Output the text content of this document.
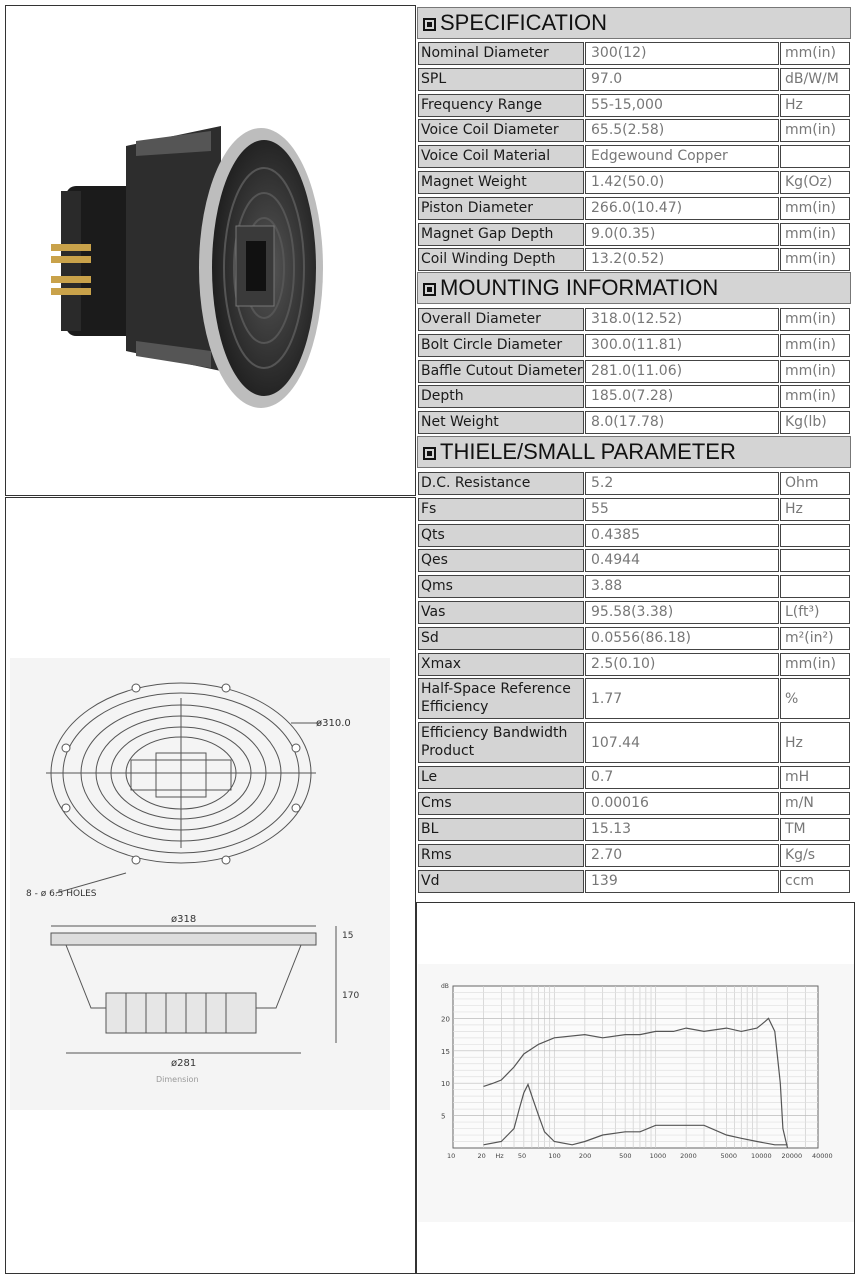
ø310.0
8 - ø 6.5 HOLES
ø318
15
170
ø281
Dimension
SPECIFICATION
MOUNTING INFORMATION
THIELE/SMALL PARAMETER
Nominal Diameter	300(12)	mm(in)
SPL	97.0	dB/W/M
Frequency Range	55-15,000	Hz
Voice Coil Diameter	65.5(2.58)	mm(in)
Voice Coil Material	Edgewound Copper
Magnet Weight	1.42(50.0)	Kg(Oz)
Piston Diameter	266.0(10.47)	mm(in)
Magnet Gap Depth	9.0(0.35)	mm(in)
Coil Winding Depth	13.2(0.52)	mm(in)
Overall Diameter	318.0(12.52)	mm(in)
Bolt Circle Diameter	300.0(11.81)	mm(in)
Baffle Cutout Diameter 281.0(11.06)	mm(in)
Depth	185.0(7.28)	mm(in)
Net Weight	8.0(17.78)	Kg(lb)
D.C. Resistance	5.2	Ohm
Fs	55	Hz
Qts	0.4385
Qes	0.4944
Qms	3.88
Vas	95.58(3.38)	L(ft³)
Sd	0.0556(86.18)	m²(in²)
Xmax	2.5(0.10)	mm(in)
Half-Space Reference Efficiency	1.77	%
Efficiency Bandwidth Product	107.44	Hz
Le	0.7	mH
Cms	0.00016	m/N
BL	15.13	TM
Rms	2.70	Kg/s
Vd	139	ccm
dB
20
15
10
5
10	20 Hz 50	100	200	500	1000 2000	5000 10000 20000 40000
